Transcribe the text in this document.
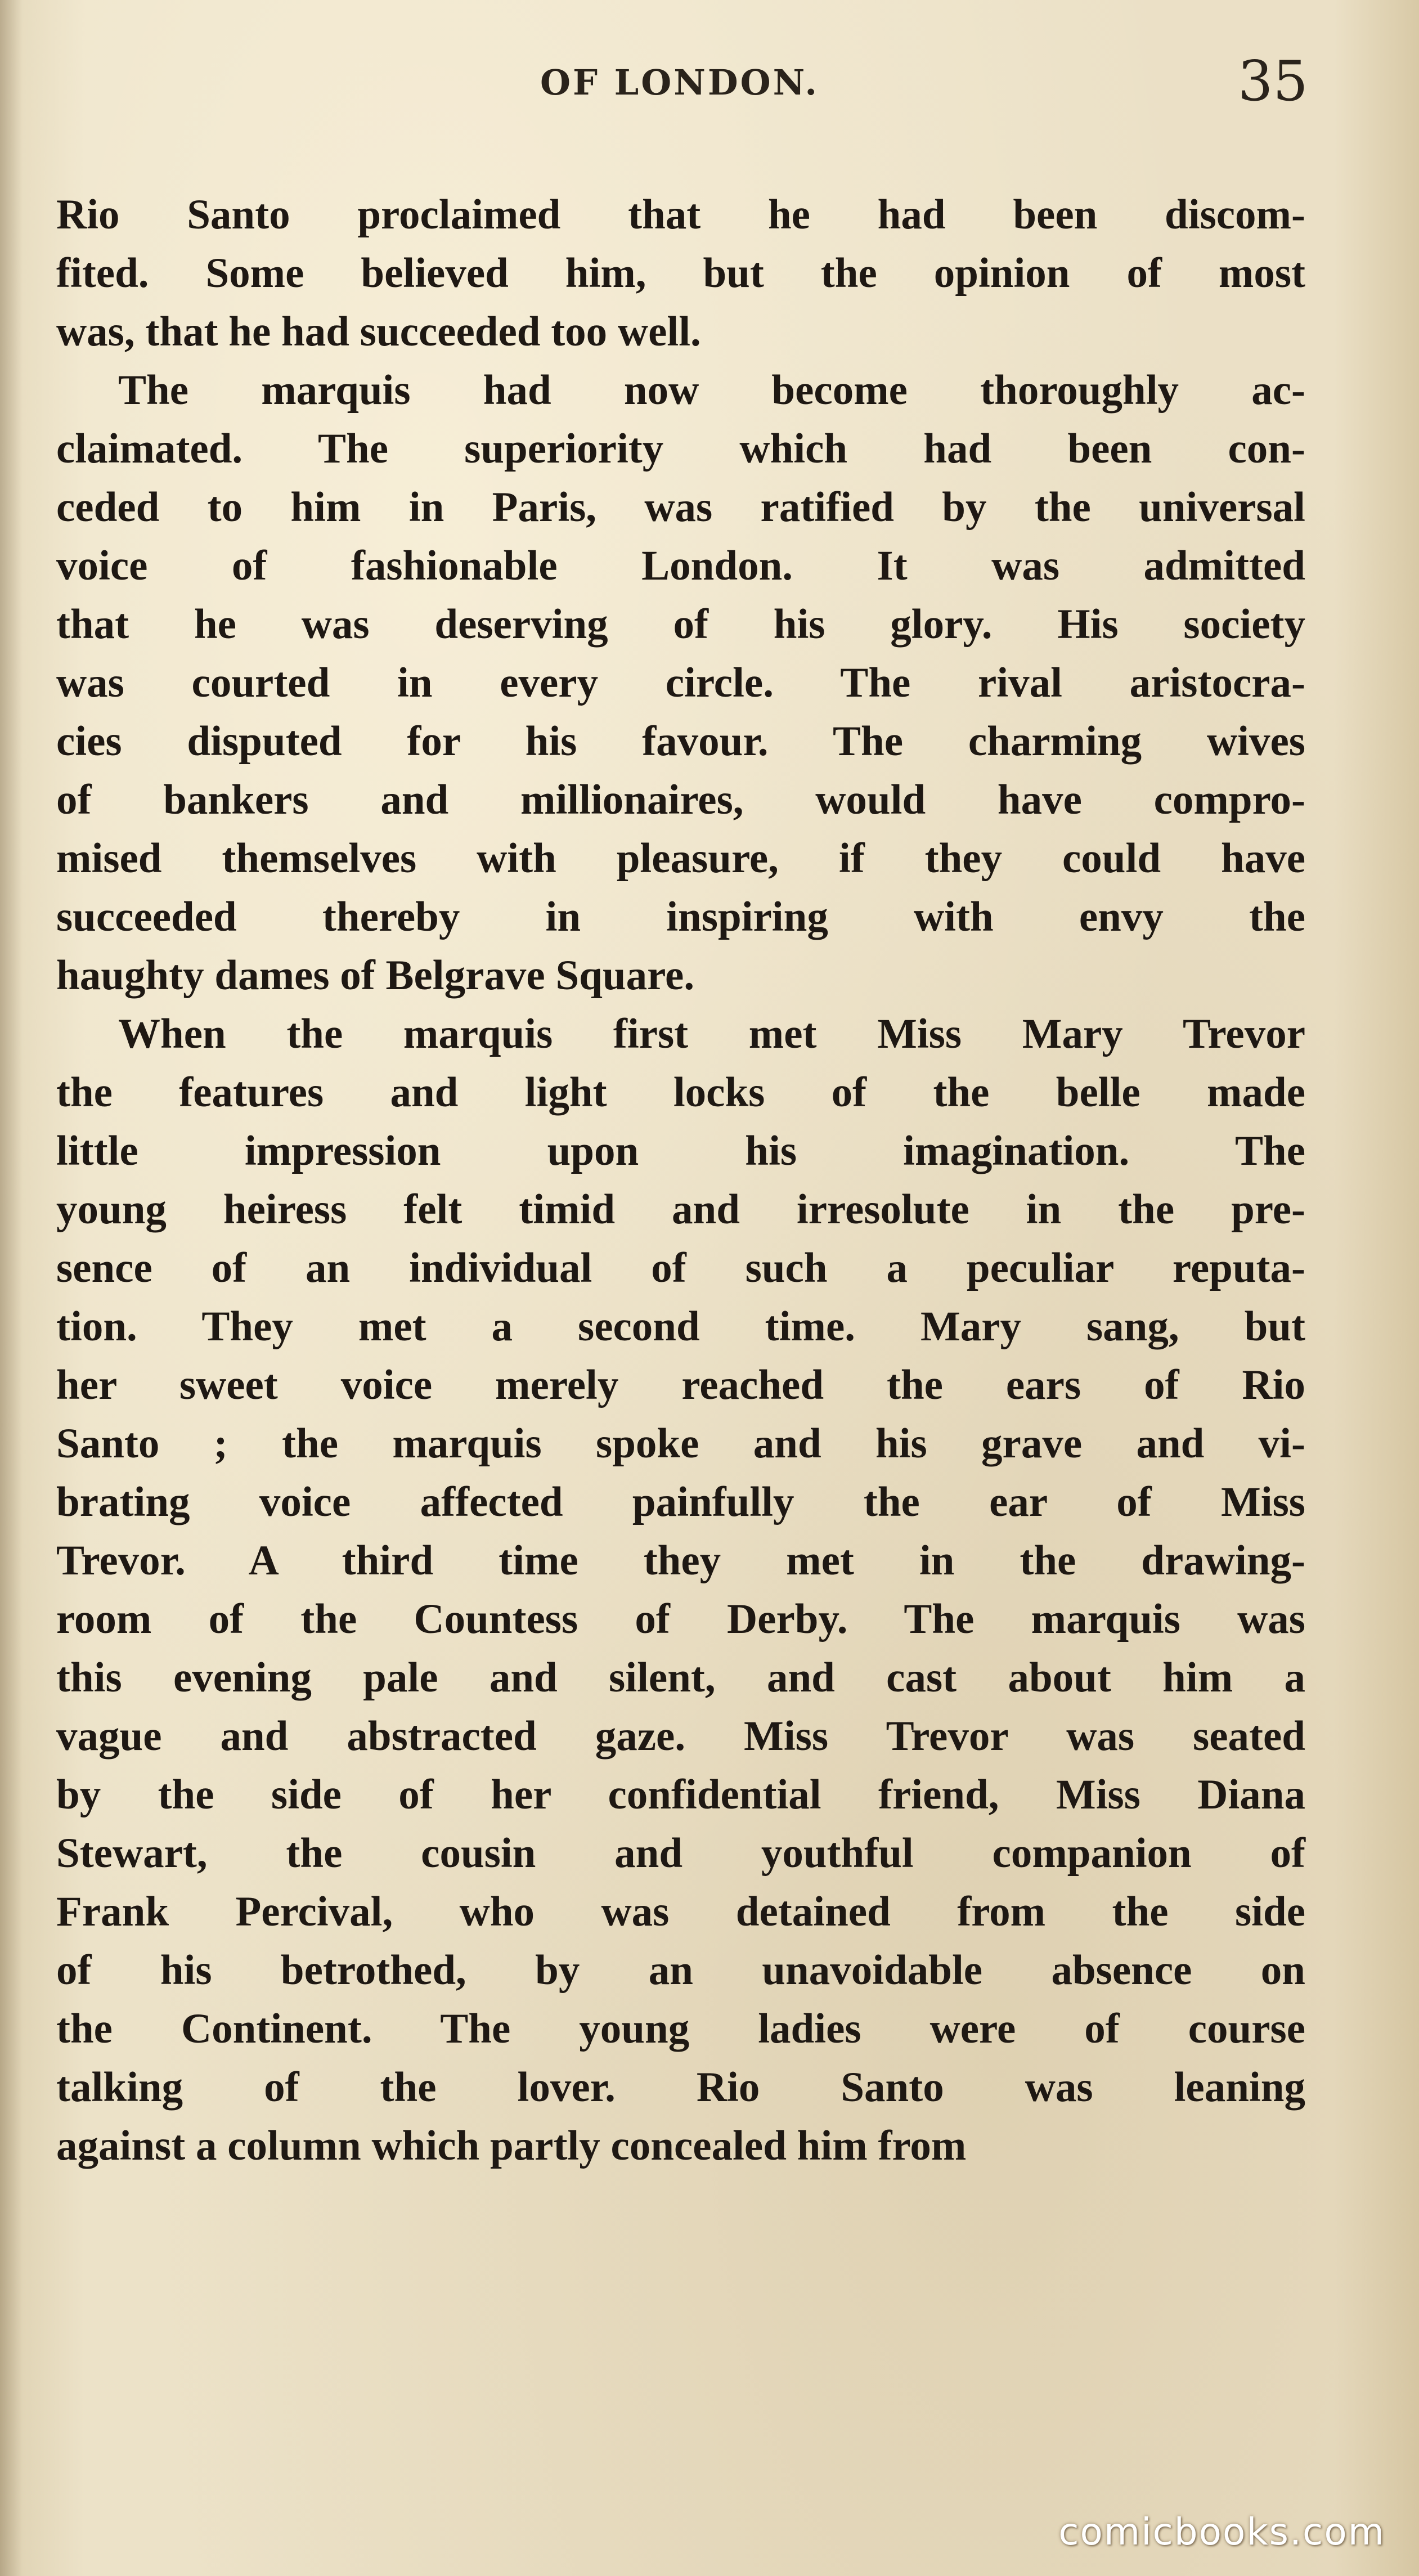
OF LONDON.	35
Rio Santo proclaimed that he had been discom-
fited. Some believed him, but the opinion of most
was, that he had succeeded too well.
The marquis had now become thoroughly ac-
claimated. The superiority which had been con-
ceded to him in Paris, was ratified by the universal
voice of fashionable London. It was admitted
that he was deserving of his glory. His society
was courted in every circle. The rival aristocra-
cies disputed for his favour. The charming wives
of bankers and millionaires, would have compro-
mised themselves with pleasure, if they could have
succeeded thereby in inspiring with envy the
haughty dames of Belgrave Square.
When the marquis first met Miss Mary Trevor
the features and light locks of the belle made
little impression upon his imagination. The
young heiress felt timid and irresolute in the pre-
sence of an individual of such a peculiar reputa-
tion. They met a second time. Mary sang, but
her sweet voice merely reached the ears of Rio
Santo ; the marquis spoke and his grave and vi-
brating voice affected painfully the ear of Miss
Trevor. A third time they met in the drawing-
room of the Countess of Derby. The marquis was
this evening pale and silent, and cast about him a
vague and abstracted gaze. Miss Trevor was seated
by the side of her confidential friend, Miss Diana
Stewart, the cousin and youthful companion of
Frank Percival, who was detained from the side
of his betrothed, by an unavoidable absence on
the Continent. The young ladies were of course
talking of the lover. Rio Santo was leaning
against a column which partly concealed him from
comicbooks.com
